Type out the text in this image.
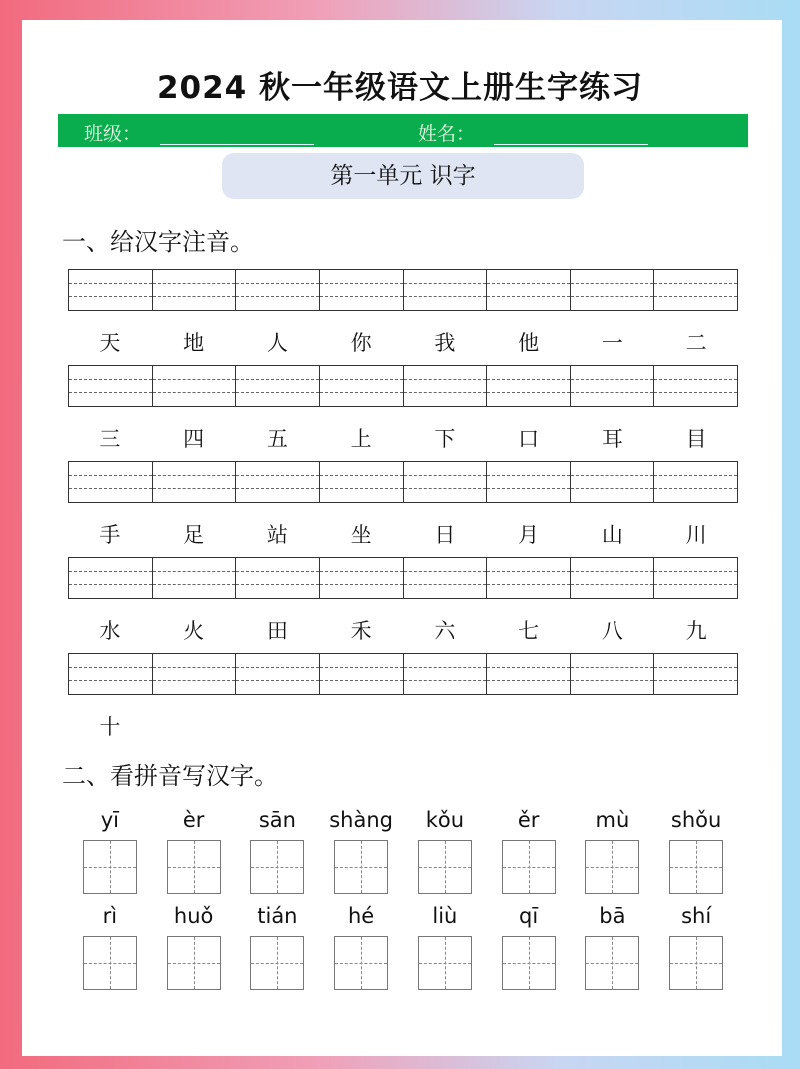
2024 秋一年级语文上册生字练习
班级：	姓名：
第一单元 识字
一、给汉字注音。
二、看拼音写汉字。
天	地	人	你	我	他	一	二
三	四	五	上	下	口	耳	目
手	足	站	坐	日	月	山	川
水	火	田	禾	六	七	八	九
十
yī	èr	sān	shàng	kǒu	ěr	mù	shǒu
rì	huǒ	tián	hé	liù	qī	bā	shí
